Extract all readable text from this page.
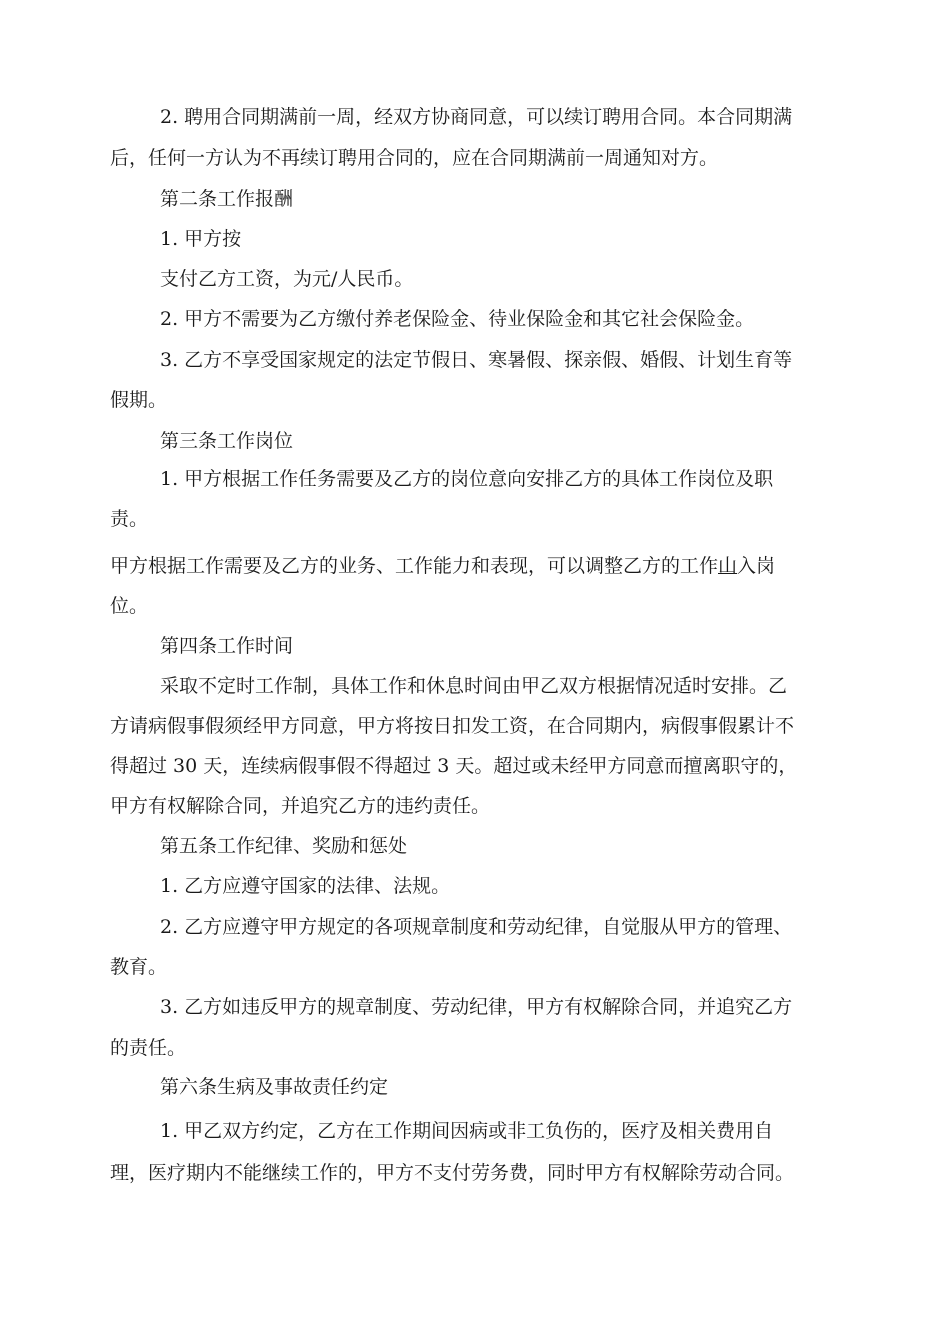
2. 聘用合同期满前一周，经双方协商同意，可以续订聘用合同。本合同期满
后，任何一方认为不再续订聘用合同的，应在合同期满前一周通知对方。
第二条工作报酬
1. 甲方按
支付乙方工资，为元/人民币。
2. 甲方不需要为乙方缴付养老保险金、待业保险金和其它社会保险金。
3. 乙方不享受国家规定的法定节假日、寒暑假、探亲假、婚假、计划生育等
假期。
第三条工作岗位
1. 甲方根据工作任务需要及乙方的岗位意向安排乙方的具体工作岗位及职
责。
甲方根据工作需要及乙方的业务、工作能力和表现，可以调整乙方的工作山入岗
位。
第四条工作时间
采取不定时工作制，具体工作和休息时间由甲乙双方根据情况适时安排。乙
方请病假事假须经甲方同意，甲方将按日扣发工资，在合同期内，病假事假累计不
得超过 30 天，连续病假事假不得超过 3 天。超过或未经甲方同意而擅离职守的，
甲方有权解除合同，并追究乙方的违约责任。
第五条工作纪律、奖励和惩处
1. 乙方应遵守国家的法律、法规。
2. 乙方应遵守甲方规定的各项规章制度和劳动纪律，自觉服从甲方的管理、
教育。
3. 乙方如违反甲方的规章制度、劳动纪律，甲方有权解除合同，并追究乙方
的责任。
第六条生病及事故责任约定
1. 甲乙双方约定，乙方在工作期间因病或非工负伤的，医疗及相关费用自
理，医疗期内不能继续工作的，甲方不支付劳务费，同时甲方有权解除劳动合同。
